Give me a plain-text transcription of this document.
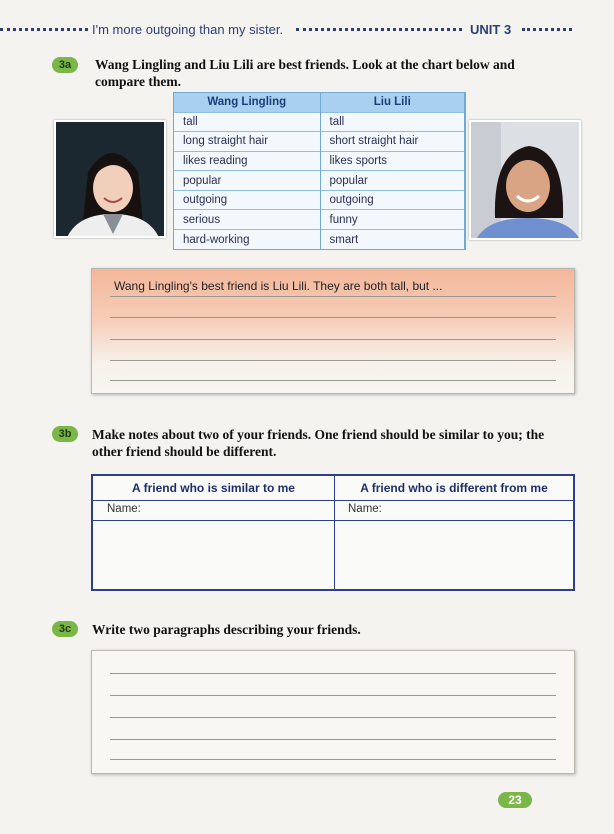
I'm more outgoing than my sister.	UNIT 3
3a	Wang Lingling and Liu Lili are best friends. Look at the chart below and compare them.
Wang Lingling	Liu Lili
tall	tall
long straight hair	short straight hair
likes reading	likes sports
popular	popular
outgoing	outgoing
serious	funny
hard-working	smart
Wang Lingling's best friend is Liu Lili. They are both tall, but ...
3b	Make notes about two of your friends. One friend should be similar to you; the other friend should be different.
A friend who is similar to me	A friend who is different from me
Name:	Name:
3c	Write two paragraphs describing your friends.
23
